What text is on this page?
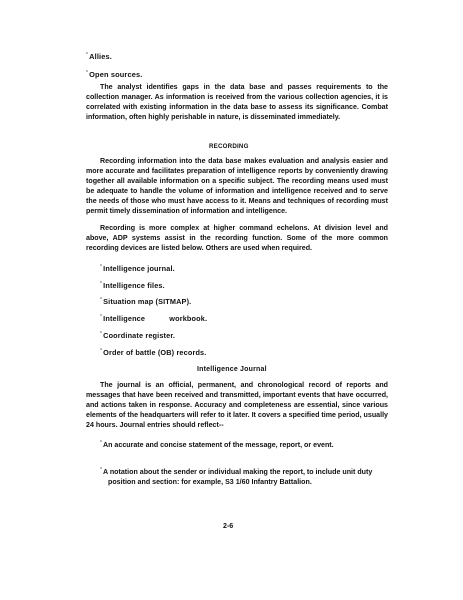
°Allies.
°Open sources.

The analyst identifies gaps in the data base and passes requirements to the collection manager. As information is received from the various collection agencies, it is correlated with existing information in the data base to assess its significance. Combat information, often highly perishable in nature, is disseminated immediately.

RECORDING

Recording information into the data base makes evaluation and analysis easier and more accurate and facilitates preparation of intelligence reports by conveniently drawing together all available information on a specific subject. The recording means used must be adequate to handle the volume of information and intelligence received and to serve the needs of those who must have access to it. Means and techniques of recording must permit timely dissemination of information and intelligence.

Recording is more complex at higher command echelons. At division level and above, ADP systems assist in the recording function. Some of the more common recording devices are listed below. Others are used when required.

°Intelligence journal.
°Intelligence files.
°Situation map (SITMAP).
°Intelligence workbook.
°Coordinate register.
°Order of battle (OB) records.
Intelligence Journal

The journal is an official, permanent, and chronological record of reports and messages that have been received and transmitted, important events that have occurred, and actions taken in response. Accuracy and completeness are essential, since various elements of the headquarters will refer to it later. It covers a specified time period, usually 24 hours. Journal entries should reflect--

°An accurate and concise statement of the message, report, or event.
°A notation about the sender or individual making the report, to include unit duty position and section: for example, S3 1/60 Infantry Battalion.
2-6
